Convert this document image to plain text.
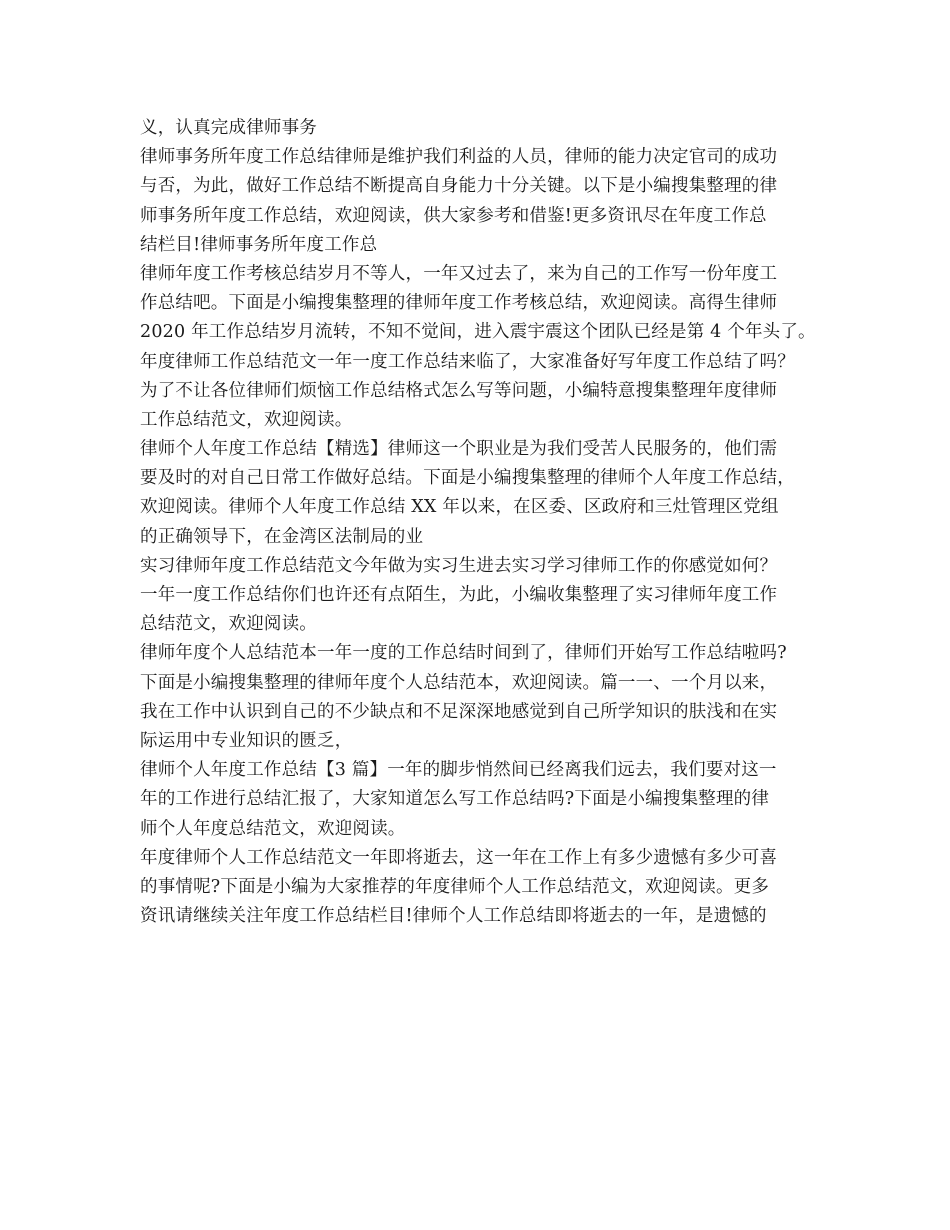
义，认真完成律师事务
律师事务所年度工作总结律师是维护我们利益的人员，律师的能力决定官司的成功
与否，为此，做好工作总结不断提高自身能力十分关键。以下是小编搜集整理的律
师事务所年度工作总结，欢迎阅读，供大家参考和借鉴!更多资讯尽在年度工作总
结栏目!律师事务所年度工作总
律师年度工作考核总结岁月不等人，一年又过去了，来为自己的工作写一份年度工
作总结吧。下面是小编搜集整理的律师年度工作考核总结，欢迎阅读。高得生律师
2020 年工作总结岁月流转，不知不觉间，进入震宇震这个团队已经是第 4 个年头了。
年度律师工作总结范文一年一度工作总结来临了，大家准备好写年度工作总结了吗？
为了不让各位律师们烦恼工作总结格式怎么写等问题，小编特意搜集整理年度律师
工作总结范文，欢迎阅读。
律师个人年度工作总结【精选】律师这一个职业是为我们受苦人民服务的，他们需
要及时的对自己日常工作做好总结。下面是小编搜集整理的律师个人年度工作总结，
欢迎阅读。律师个人年度工作总结 XX 年以来，在区委、区政府和三灶管理区党组
的正确领导下，在金湾区法制局的业
实习律师年度工作总结范文今年做为实习生进去实习学习律师工作的你感觉如何？
一年一度工作总结你们也许还有点陌生，为此，小编收集整理了实习律师年度工作
总结范文，欢迎阅读。
律师年度个人总结范本一年一度的工作总结时间到了，律师们开始写工作总结啦吗?
下面是小编搜集整理的律师年度个人总结范本，欢迎阅读。篇一一、一个月以来，
我在工作中认识到自己的不少缺点和不足深深地感觉到自己所学知识的肤浅和在实
际运用中专业知识的匮乏，
律师个人年度工作总结【3 篇】一年的脚步悄然间已经离我们远去，我们要对这一
年的工作进行总结汇报了，大家知道怎么写工作总结吗?下面是小编搜集整理的律
师个人年度总结范文，欢迎阅读。
年度律师个人工作总结范文一年即将逝去，这一年在工作上有多少遗憾有多少可喜
的事情呢?下面是小编为大家推荐的年度律师个人工作总结范文，欢迎阅读。更多
资讯请继续关注年度工作总结栏目!律师个人工作总结即将逝去的一年，是遗憾的
